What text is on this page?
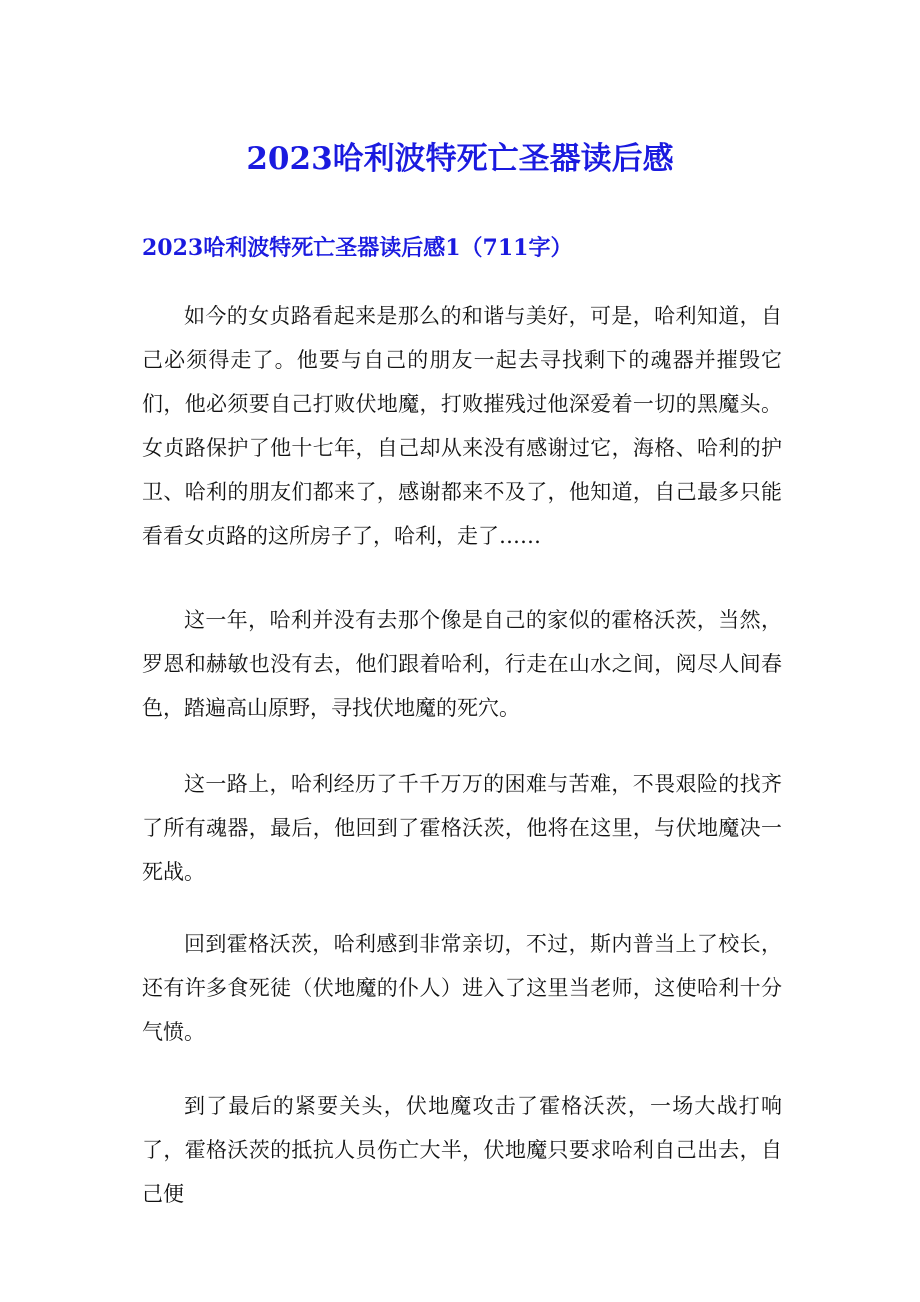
2023哈利波特死亡圣器读后感
2023哈利波特死亡圣器读后感1（711字）

如今的女贞路看起来是那么的和谐与美好，可是，哈利知道，自己必须得走了。他要与自己的朋友一起去寻找剩下的魂器并摧毁它们，他必须要自己打败伏地魔，打败摧残过他深爱着一切的黑魔头。女贞路保护了他十七年，自己却从来没有感谢过它，海格、哈利的护卫、哈利的朋友们都来了，感谢都来不及了，他知道，自己最多只能看看女贞路的这所房子了，哈利，走了……

这一年，哈利并没有去那个像是自己的家似的霍格沃茨，当然，罗恩和赫敏也没有去，他们跟着哈利，行走在山水之间，阅尽人间春色，踏遍高山原野，寻找伏地魔的死穴。

这一路上，哈利经历了千千万万的困难与苦难，不畏艰险的找齐了所有魂器，最后，他回到了霍格沃茨，他将在这里，与伏地魔决一死战。

回到霍格沃茨，哈利感到非常亲切，不过，斯内普当上了校长，还有许多食死徒（伏地魔的仆人）进入了这里当老师，这使哈利十分气愤。

到了最后的紧要关头，伏地魔攻击了霍格沃茨，一场大战打响了，霍格沃茨的抵抗人员伤亡大半，伏地魔只要求哈利自己出去，自己便
